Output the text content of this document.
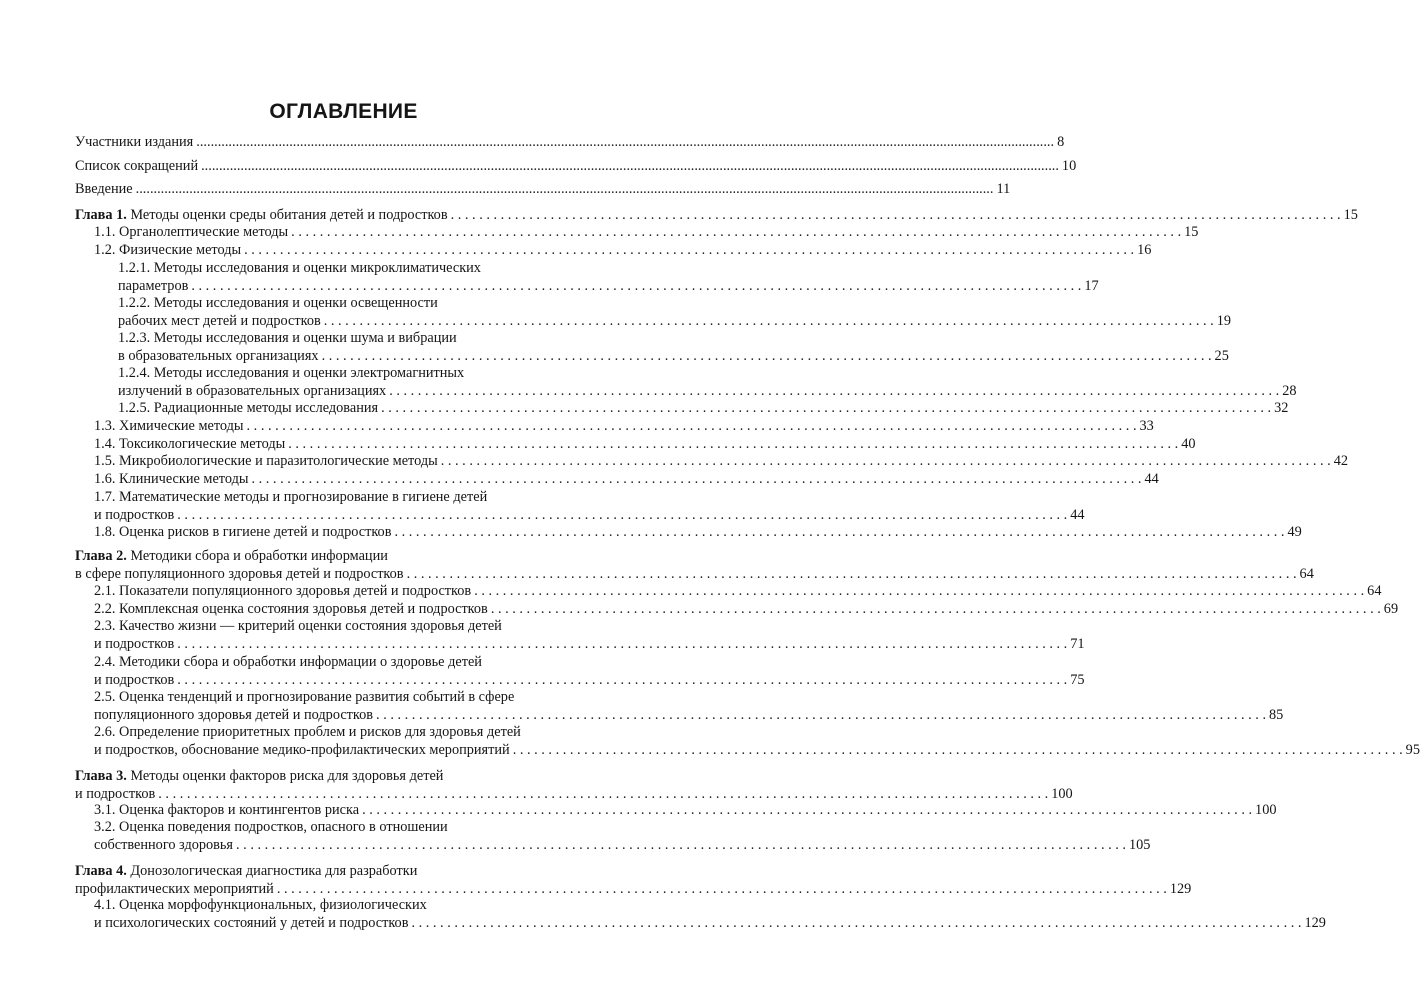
ОГЛАВЛЕНИЕ
Участники издания .....	8
Список сокращений .....	10
Введение .....	11
Глава 1. Методы оценки среды обитания детей и подростков . . .	15
1.1. Органолептические методы . . .	15
1.2. Физические методы . . .	16
1.2.1. Методы исследования и оценки микроклиматических
параметров . . .	17
1.2.2. Методы исследования и оценки освещенности
рабочих мест детей и подростков . . .	19
1.2.3. Методы исследования и оценки шума и вибрации
в образовательных организациях . . .	25
1.2.4. Методы исследования и оценки электромагнитных
излучений в образовательных организациях . . .	28
1.2.5. Радиационные методы исследования . . .	32
1.3. Химические методы . . .	33
1.4. Токсикологические методы . . .	40
1.5. Микробиологические и паразитологические методы . . .	42
1.6. Клинические методы . . .	44
1.7. Математические методы и прогнозирование в гигиене детей
и подростков . . .	44
1.8. Оценка рисков в гигиене детей и подростков . . .	49
Глава 2. Методики сбора и обработки информации
в сфере популяционного здоровья детей и подростков . . .	64
2.1. Показатели популяционного здоровья детей и подростков . . .	64
2.2. Комплексная оценка состояния здоровья детей и подростков . . .	69
2.3. Качество жизни — критерий оценки состояния здоровья детей
и подростков . . .	71
2.4. Методики сбора и обработки информации о здоровье детей
и подростков . . .	75
2.5. Оценка тенденций и прогнозирование развития событий в сфере
популяционного здоровья детей и подростков . . .	85
2.6. Определение приоритетных проблем и рисков для здоровья детей
и подростков, обоснование медико-профилактических мероприятий . . .	95
Глава 3. Методы оценки факторов риска для здоровья детей
и подростков . . .	100
3.1. Оценка факторов и контингентов риска . . .	100
3.2. Оценка поведения подростков, опасного в отношении
собственного здоровья . . .	105
Глава 4. Донозологическая диагностика для разработки
профилактических мероприятий . . .	129
4.1. Оценка морфофункциональных, физиологических
и психологических состояний у детей и подростков . . .	129
